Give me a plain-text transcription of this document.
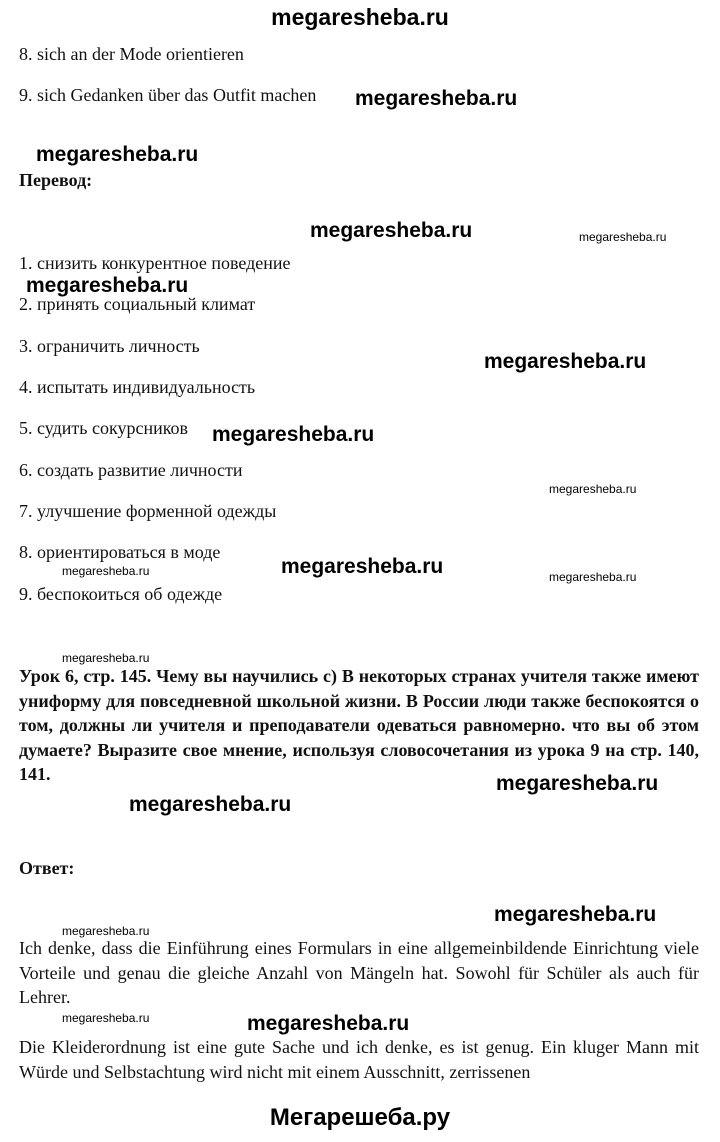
megaresheba.ru
8. sich an der Mode orientieren
9. sich Gedanken über das Outfit machen
Перевод:
1. снизить конкурентное поведение
2. принять социальный климат
3. ограничить личность
4. испытать индивидуальность
5. судить сокурсников
6. создать развитие личности
7. улучшение форменной одежды
8. ориентироваться в моде
9. беспокоиться об одежде
Урок 6, стр. 145. Чему вы научились с) В некоторых странах учителя также имеют униформу для повседневной школьной жизни. В России люди также беспокоятся о том, должны ли учителя и преподаватели одеваться равномерно. что вы об этом думаете? Выразите свое мнение, используя словосочетания из урока 9 на стр. 140, 141.
Ответ:
Ich denke, dass die Einführung eines Formulars in eine allgemeinbildende Einrichtung viele Vorteile und genau die gleiche Anzahl von Mängeln hat. Sowohl für Schüler als auch für Lehrer.
Die Kleiderordnung ist eine gute Sache und ich denke, es ist genug. Ein kluger Mann mit Würde und Selbstachtung wird nicht mit einem Ausschnitt, zerrissenen
megaresheba.ru
megaresheba.ru
megaresheba.ru	megaresheba.ru
megaresheba.ru
megaresheba.ru
megaresheba.ru
megaresheba.ru
megaresheba.ru	megaresheba.ru	megaresheba.ru
megaresheba.ru
megaresheba.ru
megaresheba.ru
megaresheba.ru
megaresheba.ru
megaresheba.ru	megaresheba.ru
Мегарешеба.ру
